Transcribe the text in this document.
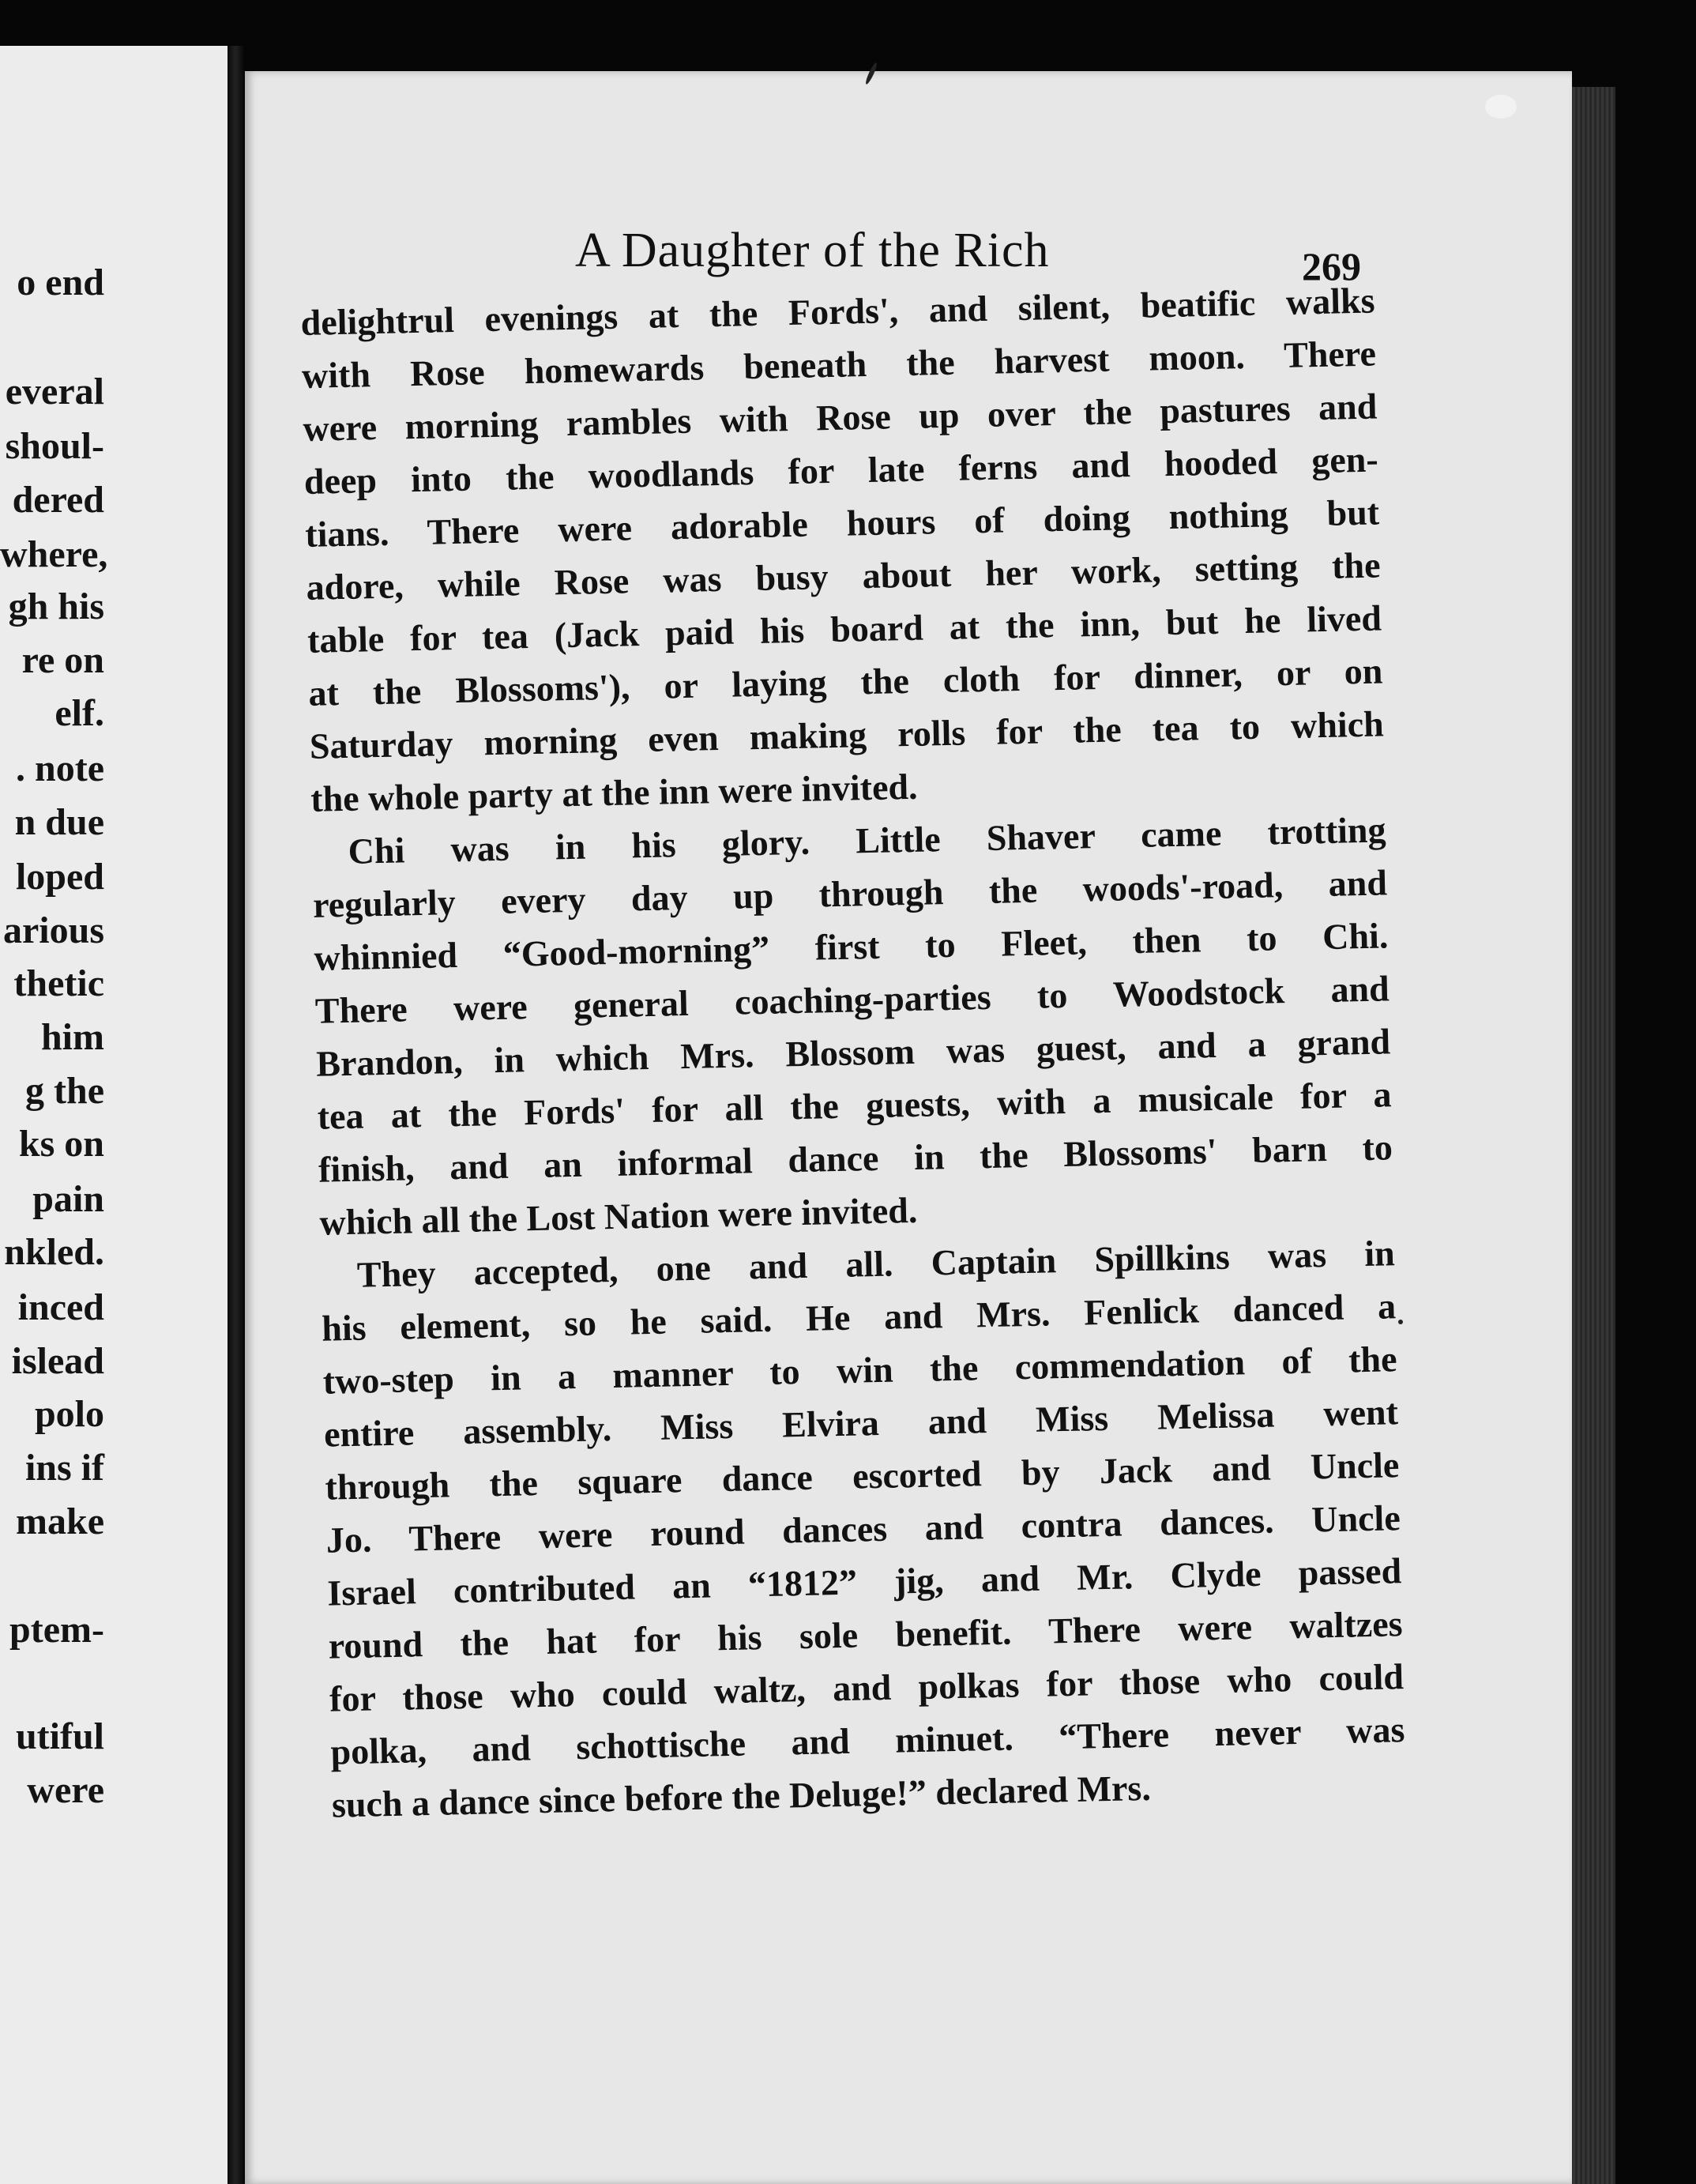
o end
everal
shoul-
dered
where,
gh his
re on
elf.
. note
n due
loped
arious
thetic
him
g the
ks on
pain
nkled.
inced
islead
polo
ins if
make
ptem-
utiful
were
A Daughter of the Rich	269
delightrul evenings at the Fords', and silent, beatific walks
with Rose homewards beneath the harvest moon. There
were morning rambles with Rose up over the pastures and
deep into the woodlands for late ferns and hooded gen-
tians. There were adorable hours of doing nothing but
adore, while Rose was busy about her work, setting the
table for tea (Jack paid his board at the inn, but he lived
at the Blossoms'), or laying the cloth for dinner, or on
Saturday morning even making rolls for the tea to which
the whole party at the inn were invited.
Chi was in his glory. Little Shaver came trotting
regularly every day up through the woods'-road, and
whinnied “Good-morning” first to Fleet, then to Chi.
There were general coaching-parties to Woodstock and
Brandon, in which Mrs. Blossom was guest, and a grand
tea at the Fords' for all the guests, with a musicale for a
finish, and an informal dance in the Blossoms' barn to
which all the Lost Nation were invited.
They accepted, one and all. Captain Spillkins was in
his element, so he said. He and Mrs. Fenlick danced a
two-step in a manner to win the commendation of the
entire assembly. Miss Elvira and Miss Melissa went
through the square dance escorted by Jack and Uncle
Jo. There were round dances and contra dances. Uncle
Israel contributed an “1812” jig, and Mr. Clyde passed
round the hat for his sole benefit. There were waltzes
for those who could waltz, and polkas for those who could
polka, and schottische and minuet. “There never was
such a dance since before the Deluge!” declared Mrs.
